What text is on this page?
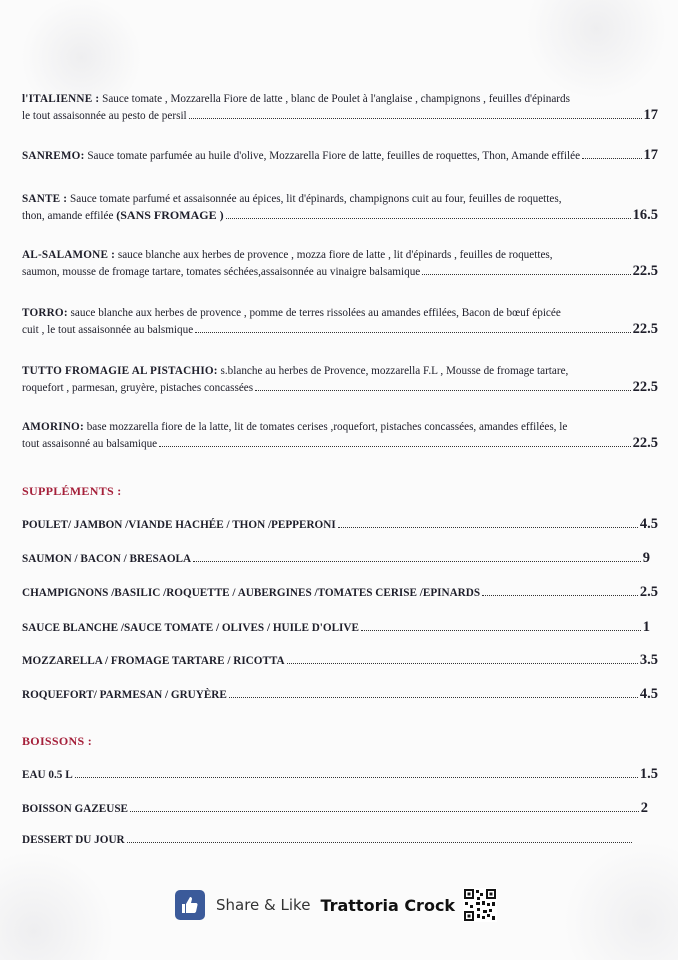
l'ITALIENNE : Sauce tomate , Mozzarella Fiore de latte , blanc de Poulet à l'anglaise , champignons , feuilles d'épinards
le tout assaisonnée au pesto de persil	17
SANREMO: Sauce tomate parfumée au huile d'olive, Mozzarella Fiore de latte, feuilles de roquettes, Thon, Amande effilée	17
SANTE : Sauce tomate parfumé et assaisonnée au épices, lit d'épinards, champignons cuit au four, feuilles de roquettes,
thon, amande effilée (SANS FROMAGE )	16.5
AL-SALAMONE : sauce blanche aux herbes de provence , mozza fiore de latte , lit d'épinards , feuilles de roquettes,
saumon, mousse de fromage tartare, tomates séchées,assaisonnée au vinaigre balsamique	22.5
TORRO: sauce blanche aux herbes de provence , pomme de terres rissolées au amandes effilées, Bacon de bœuf épicée
cuit , le tout assaisonnée au balsmique	22.5
TUTTO FROMAGIE AL PISTACHIO: s.blanche au herbes de Provence, mozzarella F.L , Mousse de fromage tartare,
roquefort , parmesan, gruyère, pistaches concassées	22.5
AMORINO: base mozzarella fiore de la latte, lit de tomates cerises ,roquefort, pistaches concassées, amandes effilées, le
tout assaisonné au balsamique	22.5
SUPPLÉMENTS :
POULET/ JAMBON /VIANDE HACHÉE / THON /PEPPERONI	4.5
SAUMON / BACON / BRESAOLA	9
CHAMPIGNONS /BASILIC /ROQUETTE / AUBERGINES /TOMATES CERISE /EPINARDS	2.5
SAUCE BLANCHE /SAUCE TOMATE / OLIVES / HUILE D'OLIVE	1
MOZZARELLA / FROMAGE TARTARE / RICOTTA	3.5
ROQUEFORT/ PARMESAN / GRUYÈRE	4.5
BOISSONS :
EAU 0.5 L	1.5
BOISSON GAZEUSE	2
DESSERT DU JOUR
Share & Like Trattoria Crock
